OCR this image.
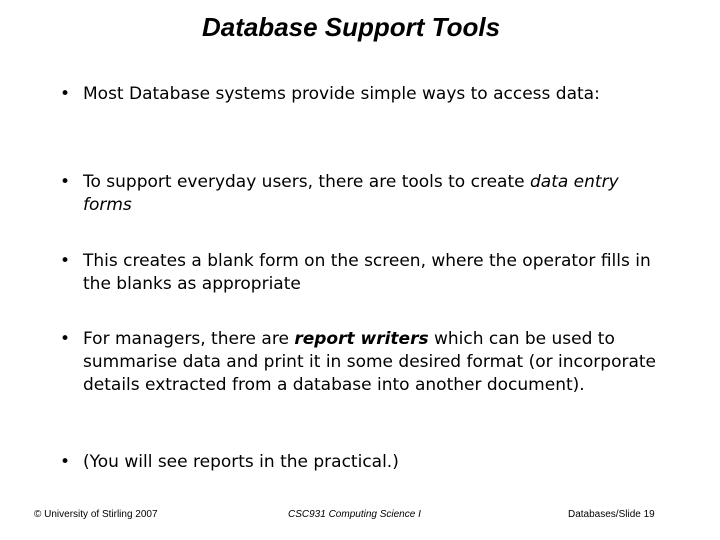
Database Support Tools
• Most Database systems provide simple ways to access data:
• To support everyday users, there are tools to create data entry forms
• This creates a blank form on the screen, where the operator fills in the blanks as appropriate
• For managers, there are report writers which can be used to summarise data and print it in some desired format (or incorporate details extracted from a database into another document).
• (You will see reports in the practical.)
© University of Stirling 2007	CSC931 Computing Science I	Databases/Slide 19
